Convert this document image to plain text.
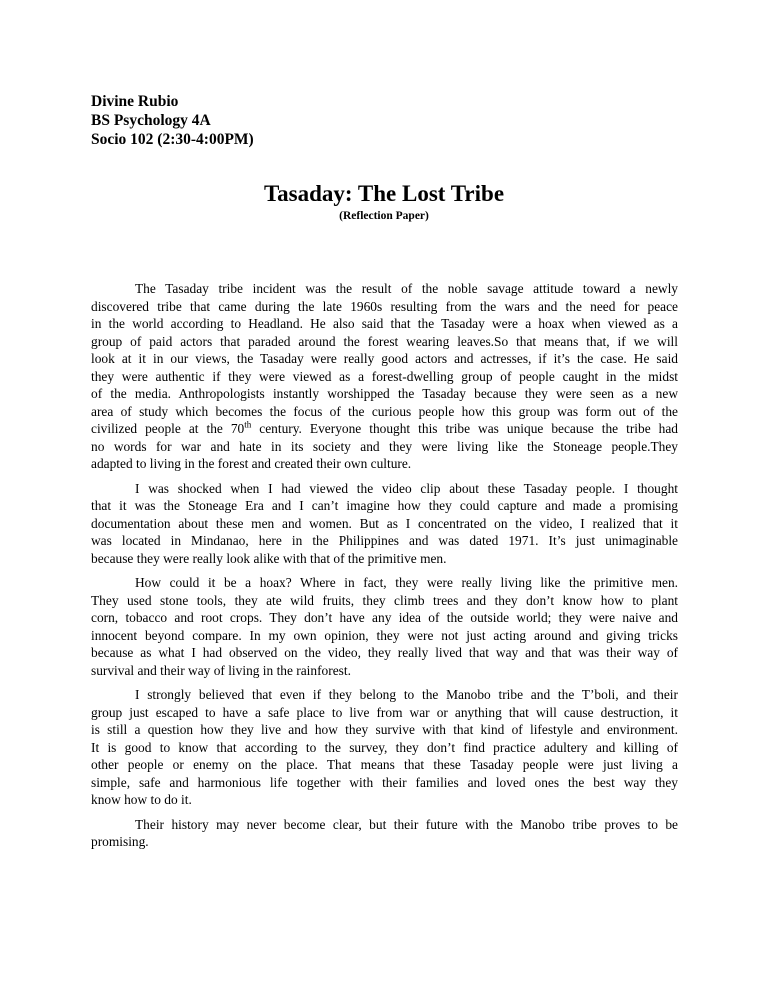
Divine Rubio
BS Psychology 4A
Socio 102 (2:30-4:00PM)
Tasaday: The Lost Tribe
(Reflection Paper)
The Tasaday tribe incident was the result of the noble savage attitude toward a newly
discovered tribe that came during the late 1960s resulting from the wars and the need for peace
in the world according to Headland. He also said that the Tasaday were a hoax when viewed as a
group of paid actors that paraded around the forest wearing leaves.So that means that, if we will
look at it in our views, the Tasaday were really good actors and actresses, if it’s the case. He said
they were authentic if they were viewed as a forest-dwelling group of people caught in the midst
of the media. Anthropologists instantly worshipped the Tasaday because they were seen as a new
area of study which becomes the focus of the curious people how this group was form out of the
civilized people at the 70th century. Everyone thought this tribe was unique because the tribe had
no words for war and hate in its society and they were living like the Stoneage people.They
adapted to living in the forest and created their own culture.
I was shocked when I had viewed the video clip about these Tasaday people. I thought
that it was the Stoneage Era and I can’t imagine how they could capture and made a promising
documentation about these men and women. But as I concentrated on the video, I realized that it
was located in Mindanao, here in the Philippines and was dated 1971. It’s just unimaginable
because they were really look alike with that of the primitive men.
How could it be a hoax? Where in fact, they were really living like the primitive men.
They used stone tools, they ate wild fruits, they climb trees and they don’t know how to plant
corn, tobacco and root crops. They don’t have any idea of the outside world; they were naive and
innocent beyond compare. In my own opinion, they were not just acting around and giving tricks
because as what I had observed on the video, they really lived that way and that was their way of
survival and their way of living in the rainforest.
I strongly believed that even if they belong to the Manobo tribe and the T’boli, and their
group just escaped to have a safe place to live from war or anything that will cause destruction, it
is still a question how they live and how they survive with that kind of lifestyle and environment.
It is good to know that according to the survey, they don’t find practice adultery and killing of
other people or enemy on the place. That means that these Tasaday people were just living a
simple, safe and harmonious life together with their families and loved ones the best way they
know how to do it.
Their history may never become clear, but their future with the Manobo tribe proves to be
promising.
